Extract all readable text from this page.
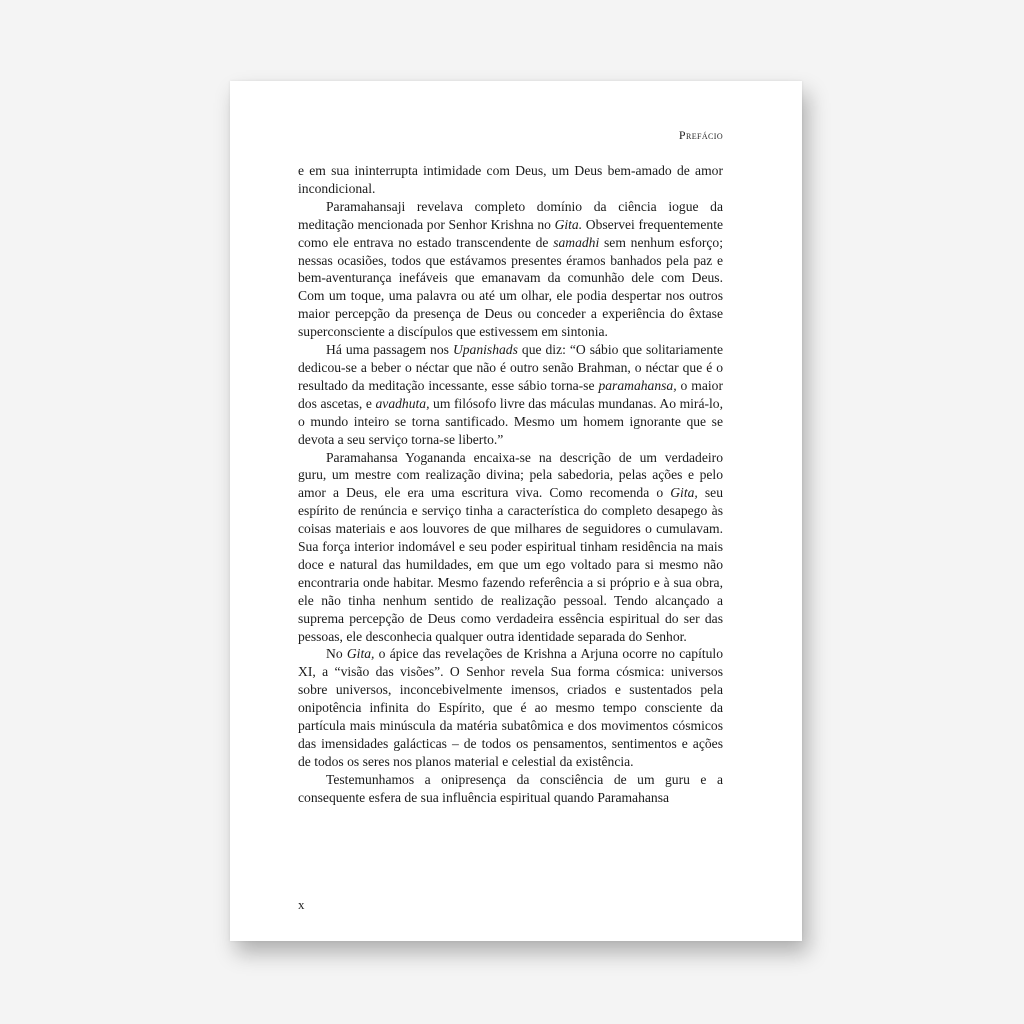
Prefácio

e em sua ininterrupta intimidade com Deus, um Deus bem-amado de amor incondicional.

Paramahansaji revelava completo domínio da ciência iogue da meditação mencionada por Senhor Krishna no Gita. Observei frequentemente como ele entrava no estado transcendente de samadhi sem nenhum esforço; nessas ocasiões, todos que estávamos presentes éramos banhados pela paz e bem-aventurança inefáveis que emanavam da comunhão dele com Deus. Com um toque, uma palavra ou até um olhar, ele podia despertar nos outros maior percepção da presença de Deus ou conceder a experiência do êxtase superconsciente a discípulos que estivessem em sintonia.

Há uma passagem nos Upanishads que diz: “O sábio que solitariamente dedicou-se a beber o néctar que não é outro senão Brahman, o néctar que é o resultado da meditação incessante, esse sábio torna-se paramahansa, o maior dos ascetas, e avadhuta, um filósofo livre das máculas mundanas. Ao mirá-lo, o mundo inteiro se torna santificado. Mesmo um homem ignorante que se devota a seu serviço torna-se liberto.”

Paramahansa Yogananda encaixa-se na descrição de um verdadeiro guru, um mestre com realização divina; pela sabedoria, pelas ações e pelo amor a Deus, ele era uma escritura viva. Como recomenda o Gita, seu espírito de renúncia e serviço tinha a característica do completo desapego às coisas materiais e aos louvores de que milhares de seguidores o cumulavam. Sua força interior indomável e seu poder espiritual tinham residência na mais doce e natural das humildades, em que um ego voltado para si mesmo não encontraria onde habitar. Mesmo fazendo referência a si próprio e à sua obra, ele não tinha nenhum sentido de realização pessoal. Tendo alcançado a suprema percepção de Deus como verdadeira essência espiritual do ser das pessoas, ele desconhecia qualquer outra identidade separada do Senhor.

No Gita, o ápice das revelações de Krishna a Arjuna ocorre no capítulo XI, a “visão das visões”. O Senhor revela Sua forma cósmica: universos sobre universos, inconcebivelmente imensos, criados e sustentados pela onipotência infinita do Espírito, que é ao mesmo tempo consciente da partícula mais minúscula da matéria subatômica e dos movimentos cósmicos das imensidades galácticas – de todos os pensamentos, sentimentos e ações de todos os seres nos planos material e celestial da existência.

Testemunhamos a onipresença da consciência de um guru e a consequente esfera de sua influência espiritual quando Paramahansa

x
